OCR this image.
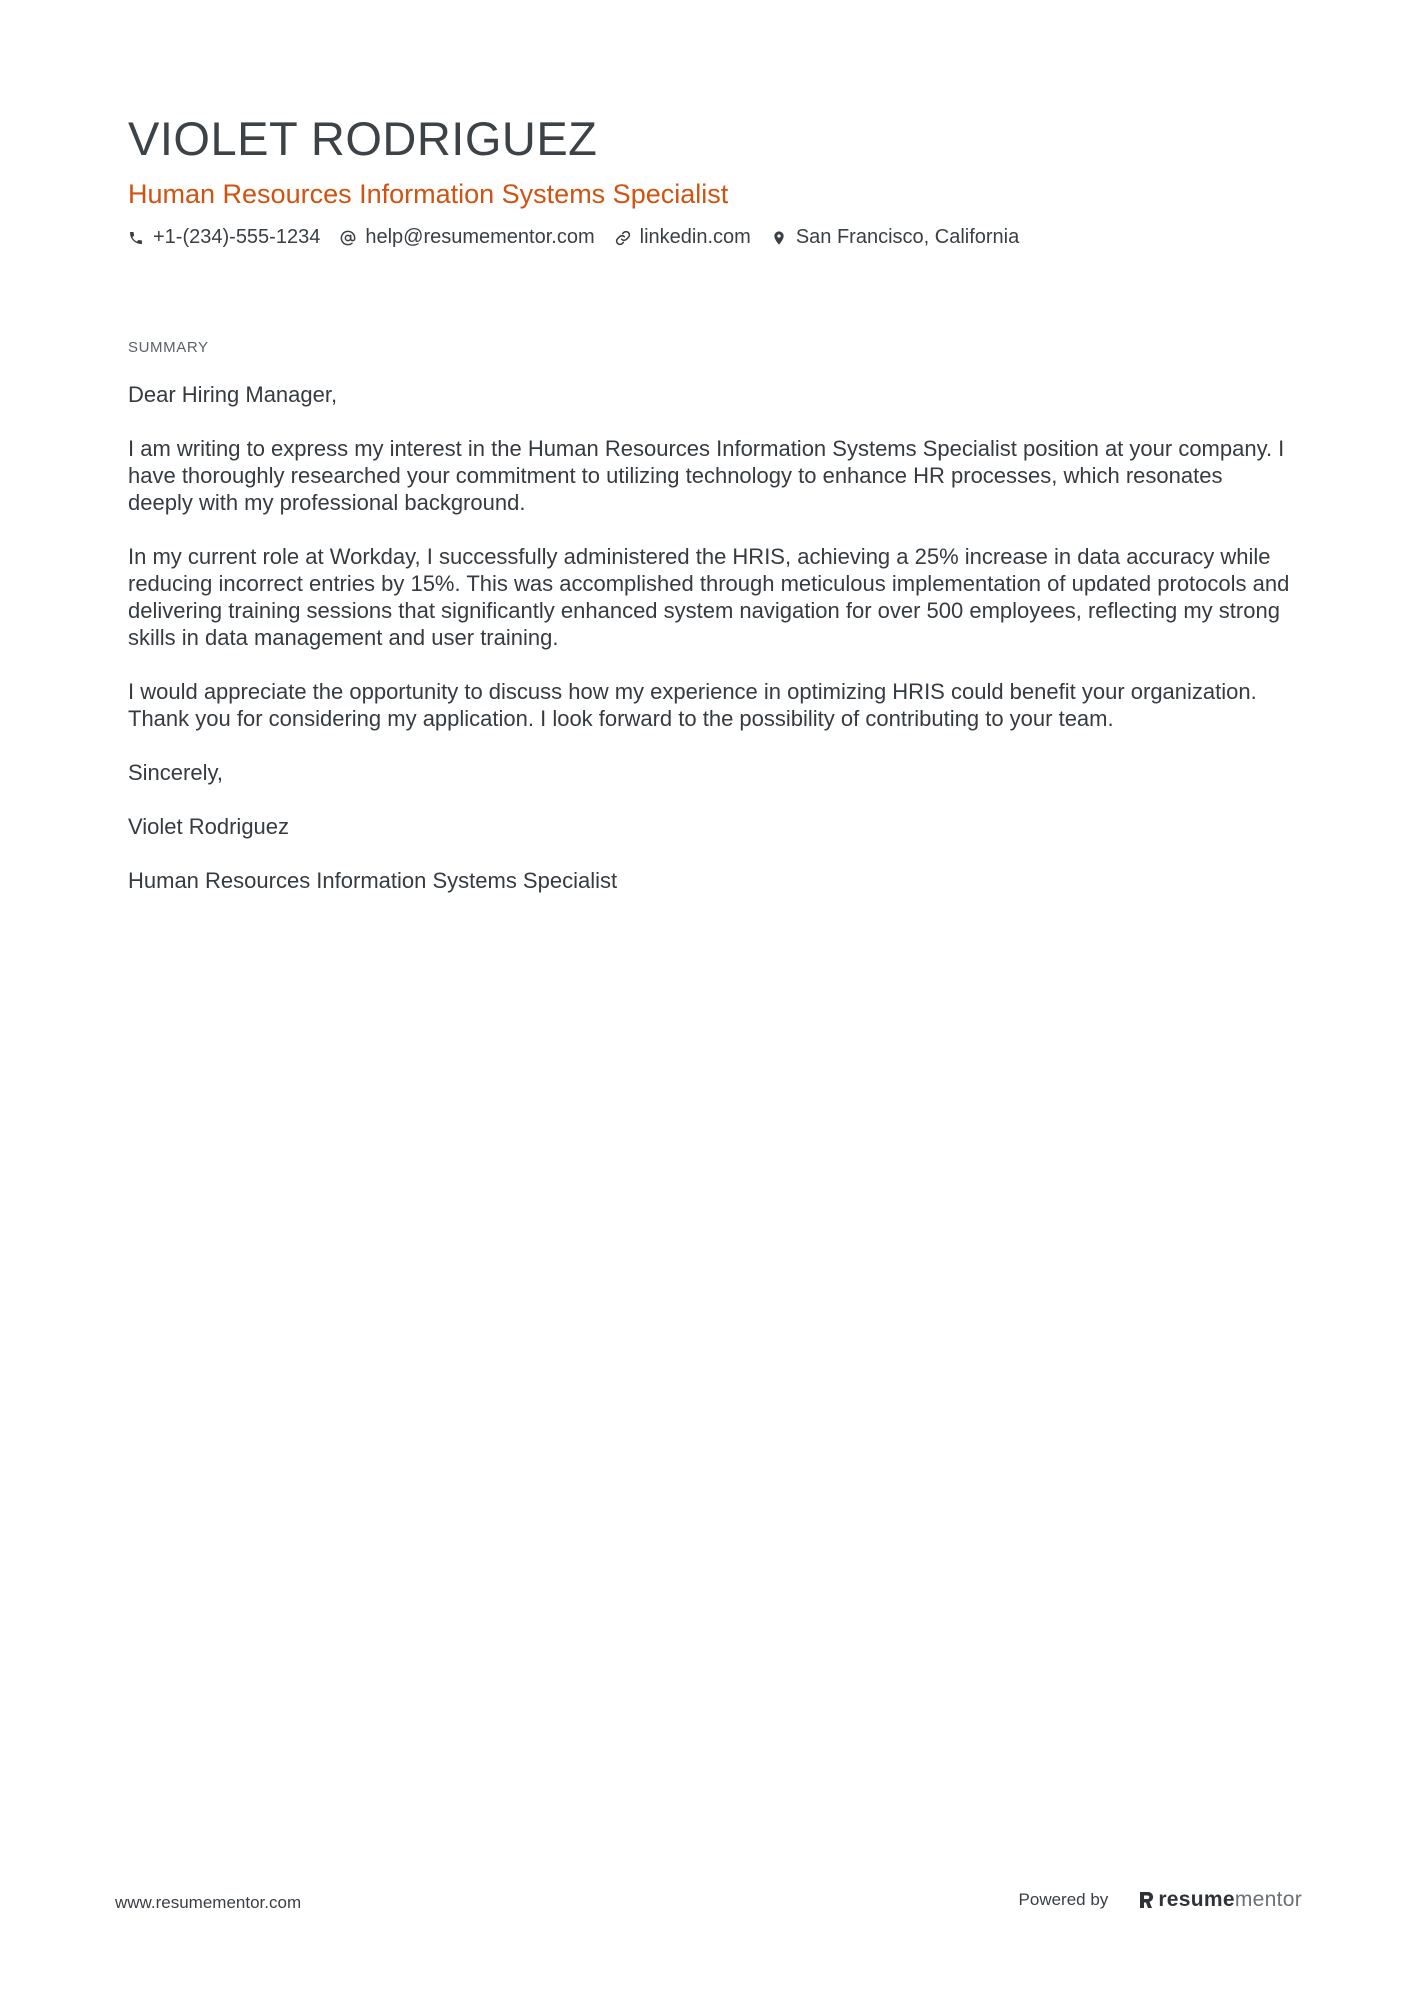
VIOLET RODRIGUEZ
Human Resources Information Systems Specialist
+1-(234)-555-1234 help@resumementor.com linkedin.com San Francisco, California
SUMMARY

Dear Hiring Manager,

I am writing to express my interest in the Human Resources Information Systems Specialist position at your company. I have thoroughly researched your commitment to utilizing technology to enhance HR processes, which resonates deeply with my professional background.

In my current role at Workday, I successfully administered the HRIS, achieving a 25% increase in data accuracy while reducing incorrect entries by 15%. This was accomplished through meticulous implementation of updated protocols and delivering training sessions that significantly enhanced system navigation for over 500 employees, reflecting my strong skills in data management and user training.

I would appreciate the opportunity to discuss how my experience in optimizing HRIS could benefit your organization. Thank you for considering my application. I look forward to the possibility of contributing to your team.

Sincerely,

Violet Rodriguez

Human Resources Information Systems Specialist

www.resumementor.com	Powered by resume mentor
